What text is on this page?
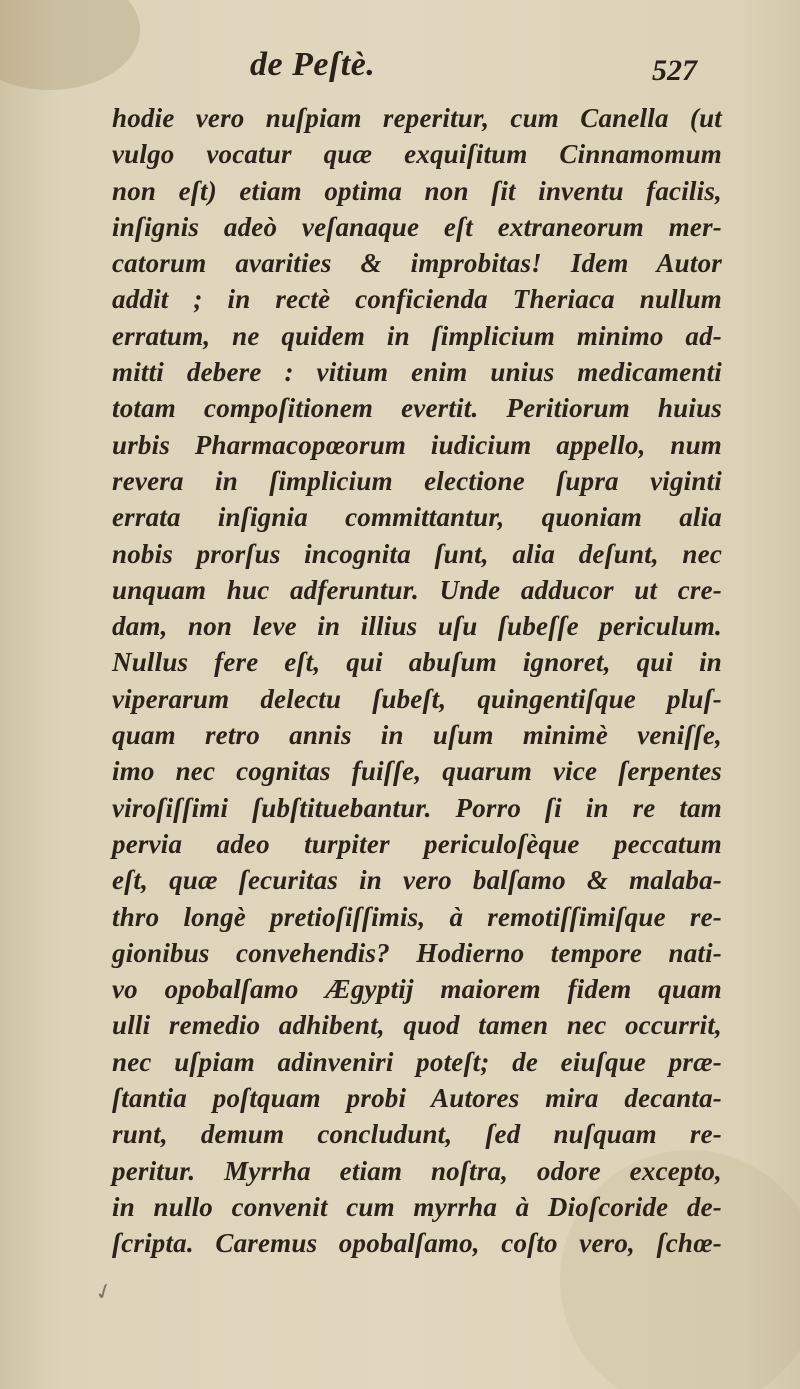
de Peſtè.	527
hodie vero nuſpiam reperitur, cum Canella (ut
vulgo vocatur quæ exquiſitum Cinnamomum
non eſt) etiam optima non ſit inventu facilis,
inſignis adeò veſanaque eſt extraneorum mer-
catorum avarities & improbitas! Idem Autor
addit ; in rectè conficienda Theriaca nullum
erratum, ne quidem in ſimplicium minimo ad-
mitti debere : vitium enim unius medicamenti
totam compoſitionem evertit. Peritiorum huius
urbis Pharmacopœorum iudicium appello, num
revera in ſimplicium electione ſupra viginti
errata inſignia committantur, quoniam alia
nobis prorſus incognita ſunt, alia deſunt, nec
unquam huc adferuntur. Unde adducor ut cre-
dam, non leve in illius uſu ſubeſſe periculum.
Nullus fere eſt, qui abuſum ignoret, qui in
viperarum delectu ſubeſt, quingentiſque pluſ-
quam retro annis in uſum minimè veniſſe,
imo nec cognitas fuiſſe, quarum vice ſerpentes
viroſiſſimi ſubſtituebantur. Porro ſi in re tam
pervia adeo turpiter periculoſèque peccatum
eſt, quæ ſecuritas in vero balſamo & malaba-
thro longè pretioſiſſimis, à remotiſſimiſque re-
gionibus convehendis? Hodierno tempore nati-
vo opobalſamo Ægyptij maiorem fidem quam
ulli remedio adhibent, quod tamen nec occurrit,
nec uſpiam adinveniri poteſt; de eiuſque præ-
ſtantia poſtquam probi Autores mira decanta-
runt, demum concludunt, ſed nuſquam re-
peritur. Myrrha etiam noſtra, odore excepto,
in nullo convenit cum myrrha à Dioſcoride de-
ſcripta. Caremus opobalſamo, coſto vero, ſchœ-
✓
